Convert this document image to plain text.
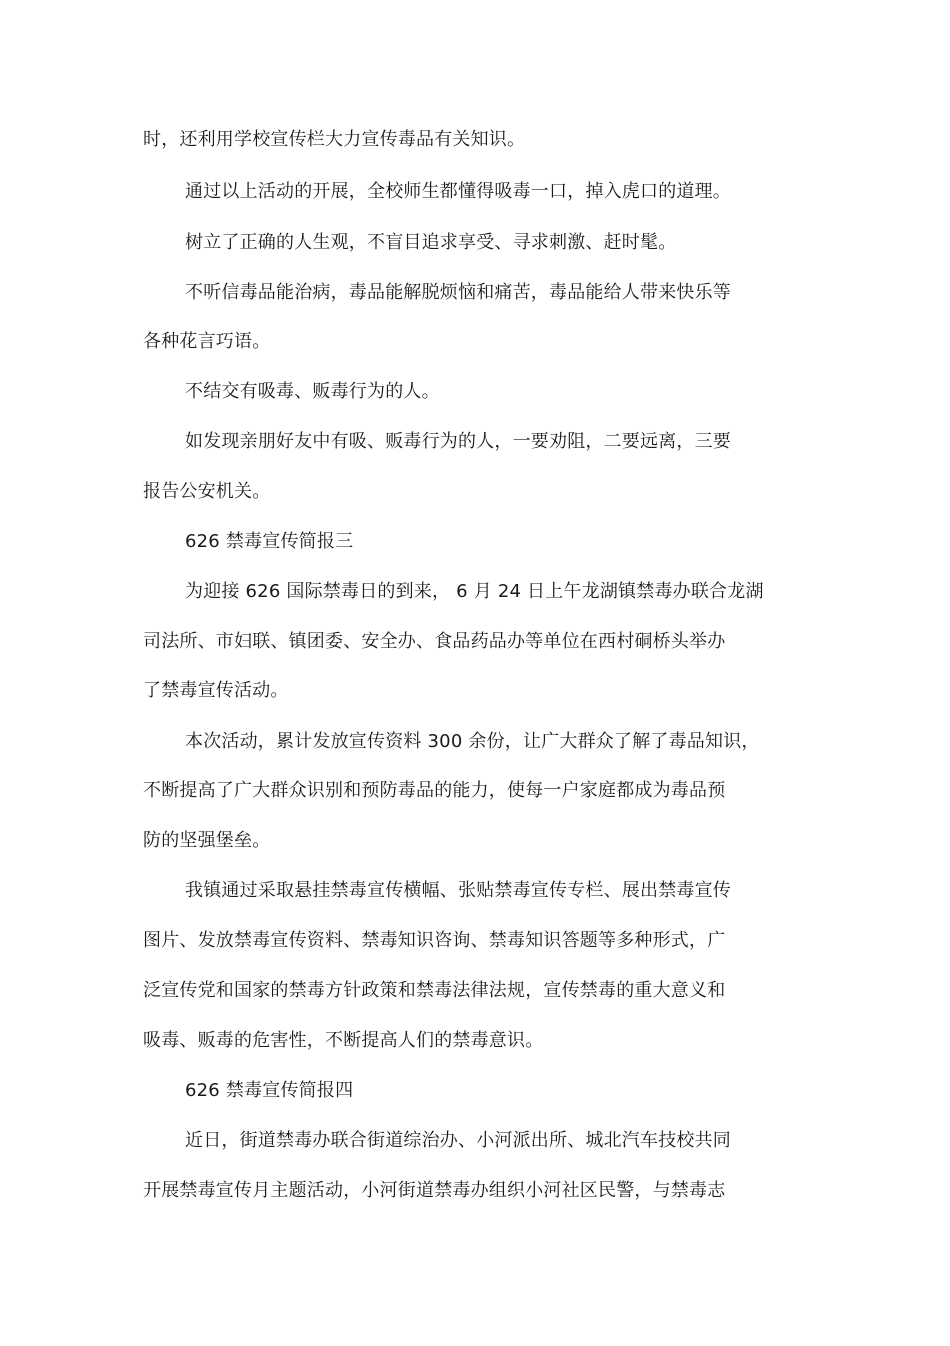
时，还利用学校宣传栏大力宣传毒品有关知识。
通过以上活动的开展，全校师生都懂得吸毒一口，掉入虎口的道理。
树立了正确的人生观，不盲目追求享受、寻求刺激、赶时髦。
不听信毒品能治病，毒品能解脱烦恼和痛苦，毒品能给人带来快乐等
各种花言巧语。
不结交有吸毒、贩毒行为的人。
如发现亲朋好友中有吸、贩毒行为的人，一要劝阻，二要远离，三要
报告公安机关。
626 禁毒宣传简报三
为迎接 626 国际禁毒日的到来， 6 月 24 日上午龙湖镇禁毒办联合龙湖
司法所、市妇联、镇团委、安全办、食品药品办等单位在西村硐桥头举办
了禁毒宣传活动。
本次活动，累计发放宣传资料 300 余份，让广大群众了解了毒品知识，
不断提高了广大群众识别和预防毒品的能力，使每一户家庭都成为毒品预
防的坚强堡垒。
我镇通过采取悬挂禁毒宣传横幅、张贴禁毒宣传专栏、展出禁毒宣传
图片、发放禁毒宣传资料、禁毒知识咨询、禁毒知识答题等多种形式，广
泛宣传党和国家的禁毒方针政策和禁毒法律法规，宣传禁毒的重大意义和
吸毒、贩毒的危害性，不断提高人们的禁毒意识。
626 禁毒宣传简报四
近日，街道禁毒办联合街道综治办、小河派出所、城北汽车技校共同
开展禁毒宣传月主题活动，小河街道禁毒办组织小河社区民警，与禁毒志
